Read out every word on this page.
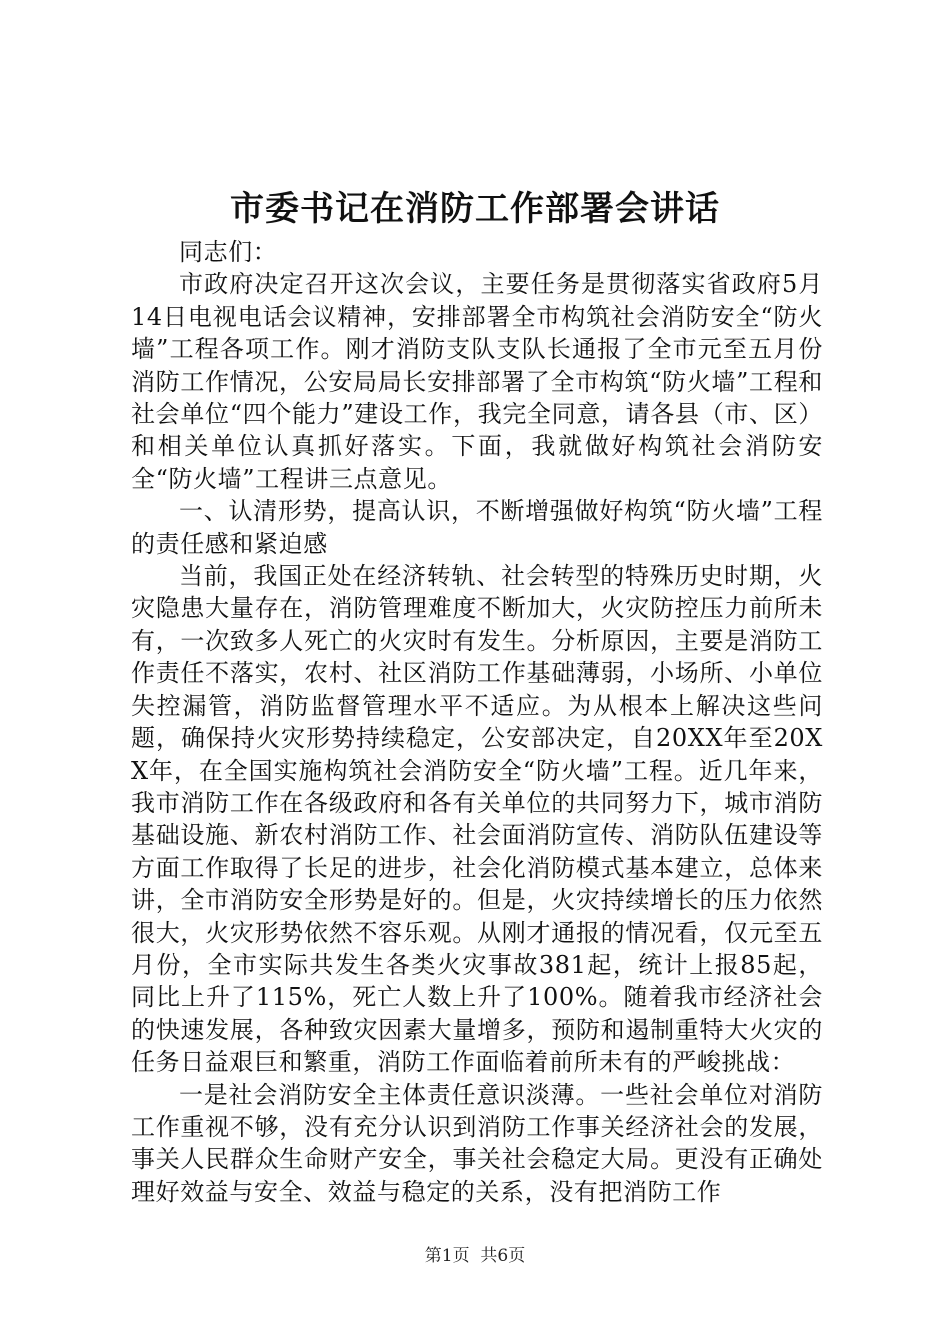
市委书记在消防工作部署会讲话

同志们：

市政府决定召开这次会议，主要任务是贯彻落实省政府5月14日电视电话会议精神，安排部署全市构筑社会消防安全“防火墙”工程各项工作。刚才消防支队支队长通报了全市元至五月份消防工作情况，公安局局长安排部署了全市构筑“防火墙”工程和社会单位“四个能力”建设工作，我完全同意，请各县（市、区）和相关单位认真抓好落实。下面，我就做好构筑社会消防安全“防火墙”工程讲三点意见。

一、认清形势，提高认识，不断增强做好构筑“防火墙”工程的责任感和紧迫感

当前，我国正处在经济转轨、社会转型的特殊历史时期，火灾隐患大量存在，消防管理难度不断加大，火灾防控压力前所未有，一次致多人死亡的火灾时有发生。分析原因，主要是消防工作责任不落实，农村、社区消防工作基础薄弱，小场所、小单位失控漏管，消防监督管理水平不适应。为从根本上解决这些问题，确保持火灾形势持续稳定，公安部决定，自20XX年至20XX年，在全国实施构筑社会消防安全“防火墙”工程。近几年来，我市消防工作在各级政府和各有关单位的共同努力下，城市消防基础设施、新农村消防工作、社会面消防宣传、消防队伍建设等方面工作取得了长足的进步，社会化消防模式基本建立，总体来讲，全市消防安全形势是好的。但是，火灾持续增长的压力依然很大，火灾形势依然不容乐观。从刚才通报的情况看，仅元至五月份，全市实际共发生各类火灾事故381起，统计上报85起，同比上升了115%，死亡人数上升了100%。随着我市经济社会的快速发展，各种致灾因素大量增多，预防和遏制重特大火灾的任务日益艰巨和繁重，消防工作面临着前所未有的严峻挑战：

一是社会消防安全主体责任意识淡薄。一些社会单位对消防工作重视不够，没有充分认识到消防工作事关经济社会的发展，事关人民群众生命财产安全，事关社会稳定大局。更没有正确处理好效益与安全、效益与稳定的关系，没有把消防工作

第1页  共6页
